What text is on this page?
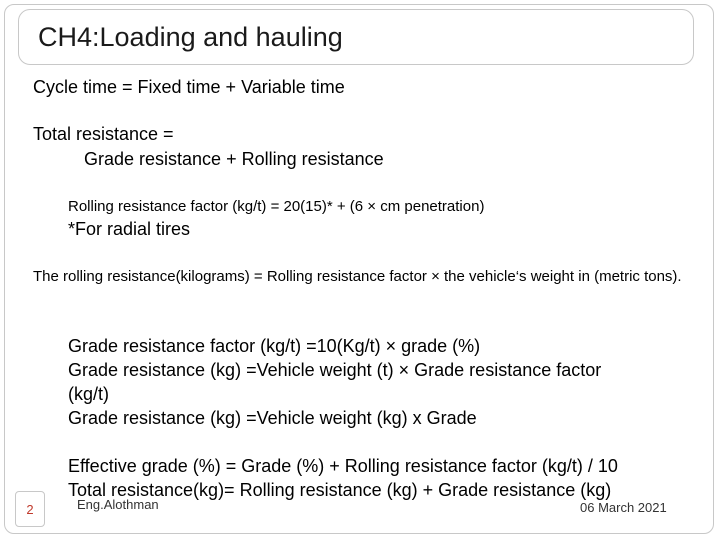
CH4:Loading and hauling
Cycle time = Fixed time + Variable time
Total resistance =
Grade resistance + Rolling resistance
Rolling resistance factor (kg/t) = 20(15)* + (6 × cm penetration)
*For radial tires
The rolling resistance(kilograms) = Rolling resistance factor × the vehicle‘s weight in (metric tons).
Grade resistance factor (kg/t) =10(Kg/t) × grade (%)
Grade resistance (kg) =Vehicle weight (t) × Grade resistance factor
(kg/t)
Grade resistance (kg) =Vehicle weight (kg) x Grade
Effective grade (%) = Grade (%) + Rolling resistance factor (kg/t) / 10
Total resistance(kg)= Rolling resistance (kg) + Grade resistance (kg)
2	Eng.Alothman	06 March 2021
